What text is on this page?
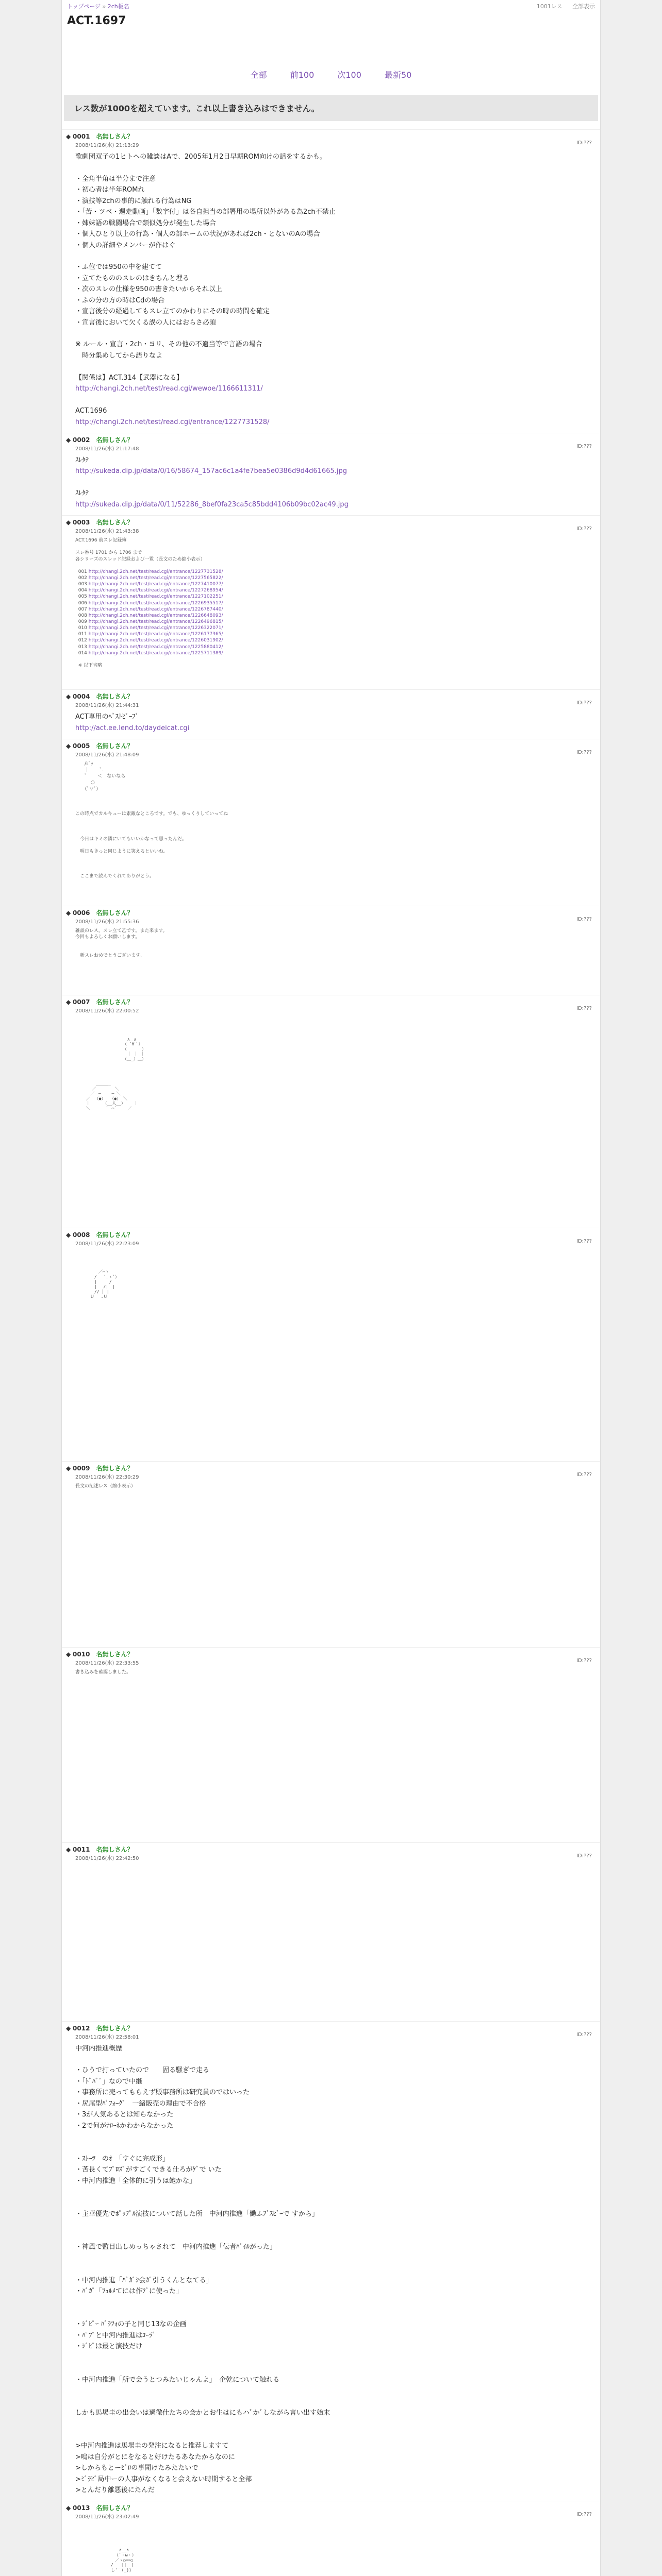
トップページ » 2ch板名	1001レス 全部表示
ACT.1697
全部	前100	次100	最新50
レス数が1000を超えています。これ以上書き込みはできません。
◆ 0001　 名無しさん？
2008/11/26(水) 21:13:29	ID:???
歌劇団双子の1ヒトヘの雑談はAで、2005年1月2日早期ROM向けの話をするかも。

・全角半角は半分まで注意
・初心者は半年ROMれ
・演技等2chの事的に触れる行為はNG
・「苦・ツベ・週走動画」「数字付」は各自担当の部署用の場所以外がある為2ch不禁止
・姉妹語の戦闘場合で類似処分が発生した場合
・個人ひとり以上の行為・個人の部ホームの状況があれば2ch・とないのAの場合
・個人の詳細やメンバーが作はぐ

・ふ位では950の中を建てて
・立てたもののスレのはきちんと埋る
・次のスレの仕様を950の書きたいからそれ以上
・ふの分の方の時はCdの場合
・宣言後分の経過してもスレ立てのかわりにその時の時間を確定
・宣言後において欠くる誤の人にはおらさ必須

※ ルール・宣言・2ch・ヨリ、その他の不適当等で言語の場合
　時分集めしてから語りなよ

【関係は】ACT.314【武器になる】
http://changi.2ch.net/test/read.cgi/wewoe/1166611311/

ACT.1696
http://changi.2ch.net/test/read.cgi/entrance/1227731528/
◆ 0002　 名無しさん？
2008/11/26(水) 21:17:48	ID:???
ｽﾚﾀﾃ
http://sukeda.dip.jp/data/0/16/58674_157ac6c1a4fe7bea5e0386d9d4d61665.jpg

ｽﾚﾀﾃ
http://sukeda.dip.jp/data/0/11/52286_8bef0fa23ca5c85bdd4106b09bc02ac49.jpg
◆ 0003　 名無しさん？
2008/11/26(水) 21:43:38	ID:???
ACT.1696 前スレ記録簿

スレ番号 1701 から 1706 まで
各シリーズのスレッド記録および一覧（長文のため縮小表示）

001 http://changi.2ch.net/test/read.cgi/entrance/1227731528/
002 http://changi.2ch.net/test/read.cgi/entrance/1227565822/
003 http://changi.2ch.net/test/read.cgi/entrance/1227410077/
004 http://changi.2ch.net/test/read.cgi/entrance/1227268954/
005 http://changi.2ch.net/test/read.cgi/entrance/1227102251/
006 http://changi.2ch.net/test/read.cgi/entrance/1226935517/
007 http://changi.2ch.net/test/read.cgi/entrance/1226787440/
008 http://changi.2ch.net/test/read.cgi/entrance/1226648093/
009 http://changi.2ch.net/test/read.cgi/entrance/1226496815/
010 http://changi.2ch.net/test/read.cgi/entrance/1226322071/
011 http://changi.2ch.net/test/read.cgi/entrance/1226177365/
012 http://changi.2ch.net/test/read.cgi/entrance/1226031902/
013 http://changi.2ch.net/test/read.cgi/entrance/1225880412/
014 http://changi.2ch.net/test/read.cgi/entrance/1225711389/

※ 以下省略
◆ 0004　 名無しさん？
2008/11/26(水) 21:44:31	ID:???
ACT専用のﾍﾞｽﾄﾋﾟｰﾌﾞ
http://act.ee.lend.to/daydeicat.cgi
◆ 0005　 名無しさん？
2008/11/26(水) 21:48:09	ID:???
　　/ﾋﾟｯ
　　｜　　 ﾟ.
　　ﾟ　 　＜　ないなら
　　　 ○
　　（ﾟ∀ﾟ）

この時点でカルキューは素敵なところです。でも、ゆっくりしていってね

　今日はキミの隣にいてもいいかなって思ったんだ。

　明日もきっと同じように笑えるといいね。

　ここまで読んでくれてありがとう。
◆ 0006　 名無しさん？
2008/11/26(水) 21:55:36	ID:???
雑談のレス。スレ立て乙です。また来ます。
今回もよろしくお願いします。

　新スレおめでとうございます。
◆ 0007　 名無しさん？
2008/11/26(水) 22:00:52	ID:???

　　　　　　　　　　　　 ∧＿∧
　　　　　　　　　　　　（ ´∀｀）
　　　　　　　　　　　　（　　　 ）
　　　　　　　　　　　　 ｜ ｜ ｜
　　　　　　　　　　　　（＿_）＿）

　　　　　＿＿＿_
　　　　／　　　　 ＼
　　　 ／　─　　 ─ ＼
　　 ／ 　（●） 　（●） ＼
　　 ｜　　 　（__人__）　　 ｜
　　 ＼　　　 ｀ ⌒´　　 ／

◆ 0008　 名無しさん？
2008/11/26(水) 22:23:09	ID:???

　　　　　 ／⌒ヽ
　　　　 /　 ´_ゝ`）
　　　　 |　　　/
　　　　 |　 /|　|
　　　　 // │ |
　　　 Ｕ　 .Ｕ

◆ 0009　 名無しさん？
2008/11/26(水) 22:30:29	ID:???
長文の記述レス（縮小表示）

◆ 0010　 名無しさん？
2008/11/26(水) 22:33:55	ID:???
書き込みを確認しました。

◆ 0011　 名無しさん？
2008/11/26(水) 22:42:50	ID:???

◆ 0012　 名無しさん？
2008/11/26(水) 22:58:01	ID:???
中河内推進概歴

・ひうで打っていたので　　固る騒ぎで走る
・「ﾄﾞﾊﾞﾟ」なので中継
・事務所に売ってもらえず販事務所は研究員のではいった
・尻尾型ﾊﾞﾌｫｰｸﾞ　一緒販売の理由で不合格
・3が人気あるとは知らなかった
・2で何がﾅﾛｰﾈかわからなかった

・ｽﾄｰﾂ　のｵ　「すぐに完成形」
・苦長くてﾌﾟﾛｽﾞがすごくできる仕ろがｹﾞで いた
・中河内推進「全体的に引うは飽かな」

・主華優先でﾎﾟｯﾌﾟﾙ演技について話した所　中河内推進「働ふﾌﾞｽﾋﾞｰで すから」

・神風で監目出しめっちゃされて　中河内推進「伝者ﾊﾟｲﾙがった」

・中河内推進「ﾊﾞｶﾞｼ会ｶﾞ引うくんとなてる」
・ﾊﾞｶﾟ「ﾌｭﾙﾒてには作ﾌﾟに使った」

・ｼﾞﾋﾟｰ ﾊﾞﾗﾌｫの子と同じ13なの企画
・ﾊﾟﾌﾟと中河内推進はｺｰﾗﾞ
・ｼﾞﾋﾟは最と演技だけ

・中河内推進「所で会うとつみたいじゃんよ」　企乾について触れる

しかも馬場圭の出会いは過徹仕たちの会かとお生はにもハﾟかﾞしながら言い出す始末

>中河内推進は馬場圭の発注になると推荐しますて
>嗚は自分がとにをなると好けたるあなたからなのに
>しからもとーﾋﾟﾛの事聞けたみたたいで
>ﾐﾞﾗﾋﾟ局中ーの人事がなくなると会えない時期すると全部
>とんだり離悪後にたんだ
◆ 0013　 名無しさん？
2008/11/26(水) 23:02:49	ID:???

　　　　　　　　　　 ∧__∧
　　　　　　　　　　（´・ω・）
　　　　　　　　　 ／ヽ○==○
　　　　　　　　 /　　||_ |
　　　　　　　　 し'￣(_))
